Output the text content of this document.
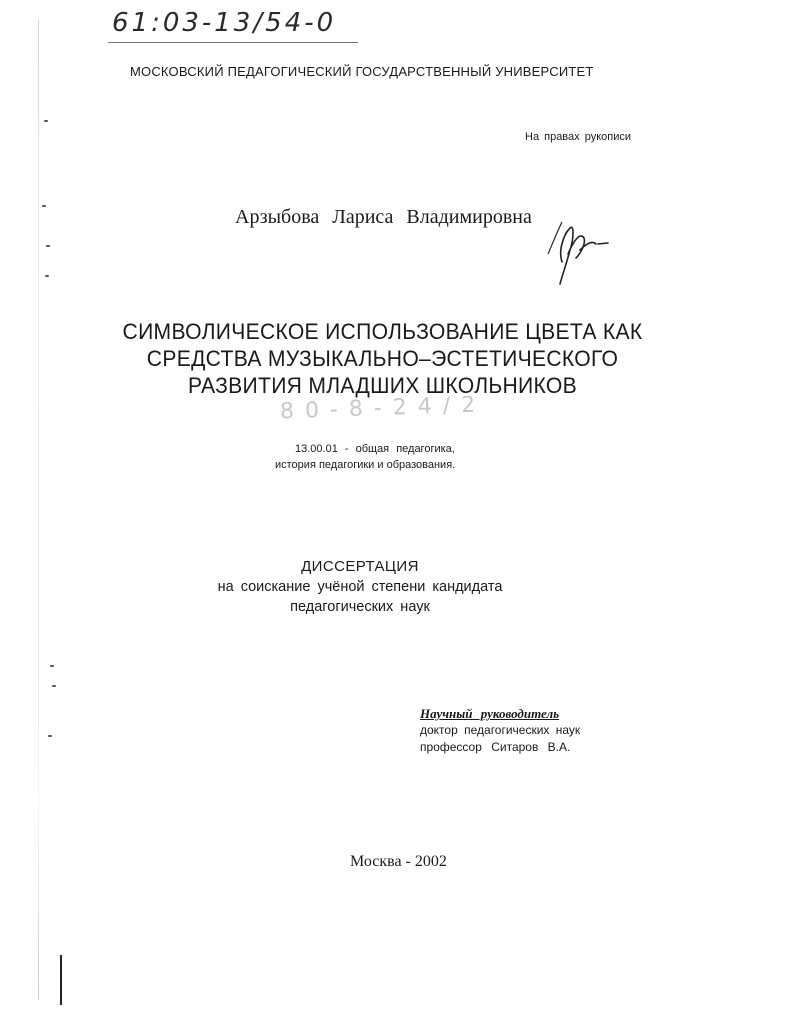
61:03-13/54-0
МОСКОВСКИЙ ПЕДАГОГИЧЕСКИЙ ГОСУДАРСТВЕННЫЙ УНИВЕРСИТЕТ
На правах рукописи
Арзыбова Лариса Владимировна
СИМВОЛИЧЕСКОЕ ИСПОЛЬЗОВАНИЕ ЦВЕТА КАК
СРЕДСТВА МУЗЫКАЛЬНО–ЭСТЕТИЧЕСКОГО
РАЗВИТИЯ МЛАДШИХ ШКОЛЬНИКОВ
8 0 - 8 - 2 4 / 2
13.00.01 - общая педагогика,
история педагогики и образования.
ДИССЕРТАЦИЯ
на соискание учёной степени кандидата
педагогических наук
Научный руководитель
доктор педагогических наук
профессор Ситаров В.А.
Москва - 2002
